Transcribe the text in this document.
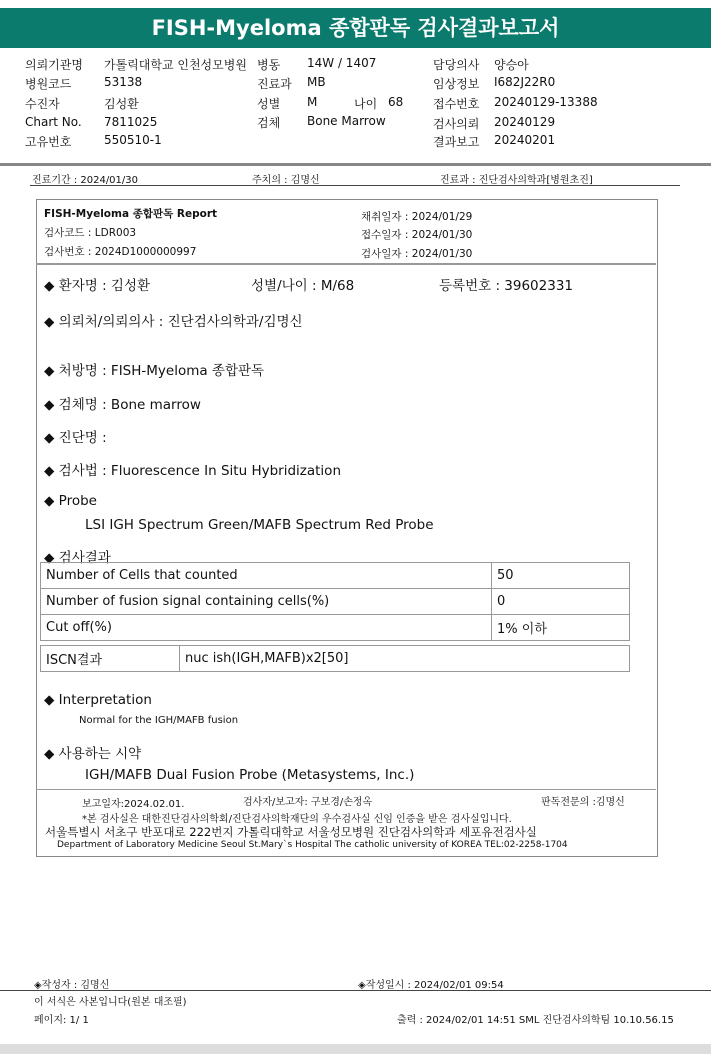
FISH-Myeloma 종합판독 검사결과보고서
의뢰기관명 가톨릭대학교 인천성모병원 병동 14W / 1407	담당의사 양승아
병원코드	53138	진료과 MB	임상정보 I682J22R0
수진자	김성환	성별 M	나이 68 접수번호 20240129-13388
Chart No. 7811025	검체 Bone Marrow	검사의뢰 20240129
고유번호	550510-1	결과보고 20240201
진료기간 : 2024/01/30	주치의 : 김명신	진료과 : 진단검사의학과[병원초진]
FISH-Myeloma 종합판독 Report
검사코드 : LDR003
검사번호 : 2024D1000000997
채취일자 : 2024/01/29
접수일자 : 2024/01/30
검사일자 : 2024/01/30
◆ 환자명 : 김성환	성별/나이 : M/68	등록번호 : 39602331
◆ 의뢰처/의뢰의사 : 진단검사의학과/김명신
◆ 처방명 : FISH-Myeloma 종합판독
◆ 검체명 : Bone marrow
◆ 진단명 :
◆ 검사법 : Fluorescence In Situ Hybridization
◆ Probe
LSI IGH Spectrum Green/MAFB Spectrum Red Probe
◆ 검사결과
Number of Cells that counted	50
Number of fusion signal containing cells(%)	0
Cut off(%)	1% 이하
ISCN결과	nuc ish(IGH,MAFB)x2[50]
◆ Interpretation
Normal for the IGH/MAFB fusion
◆ 사용하는 시약
IGH/MAFB Dual Fusion Probe (Metasystems, Inc.)
보고일자:2024.02.01.	검사자/보고자: 구보경/손정옥	판독전문의 :김명신
*본 검사실은 대한진단검사의학회/진단검사의학재단의 우수검사실 신임 인증을 받은 검사실입니다.
서울특별시 서초구 반포대로 222번지 가톨릭대학교 서울성모병원 진단검사의학과 세포유전검사실
Department of Laboratory Medicine Seoul St.Mary`s Hospital The catholic university of KOREA TEL:02-2258-1704
◈작성자 : 김명신	◈작성일시 : 2024/02/01 09:54
이 서식은 사본입니다(원본 대조필)
페이지: 1/ 1	출력 : 2024/02/01 14:51 SML 진단검사의학팀 10.10.56.15
